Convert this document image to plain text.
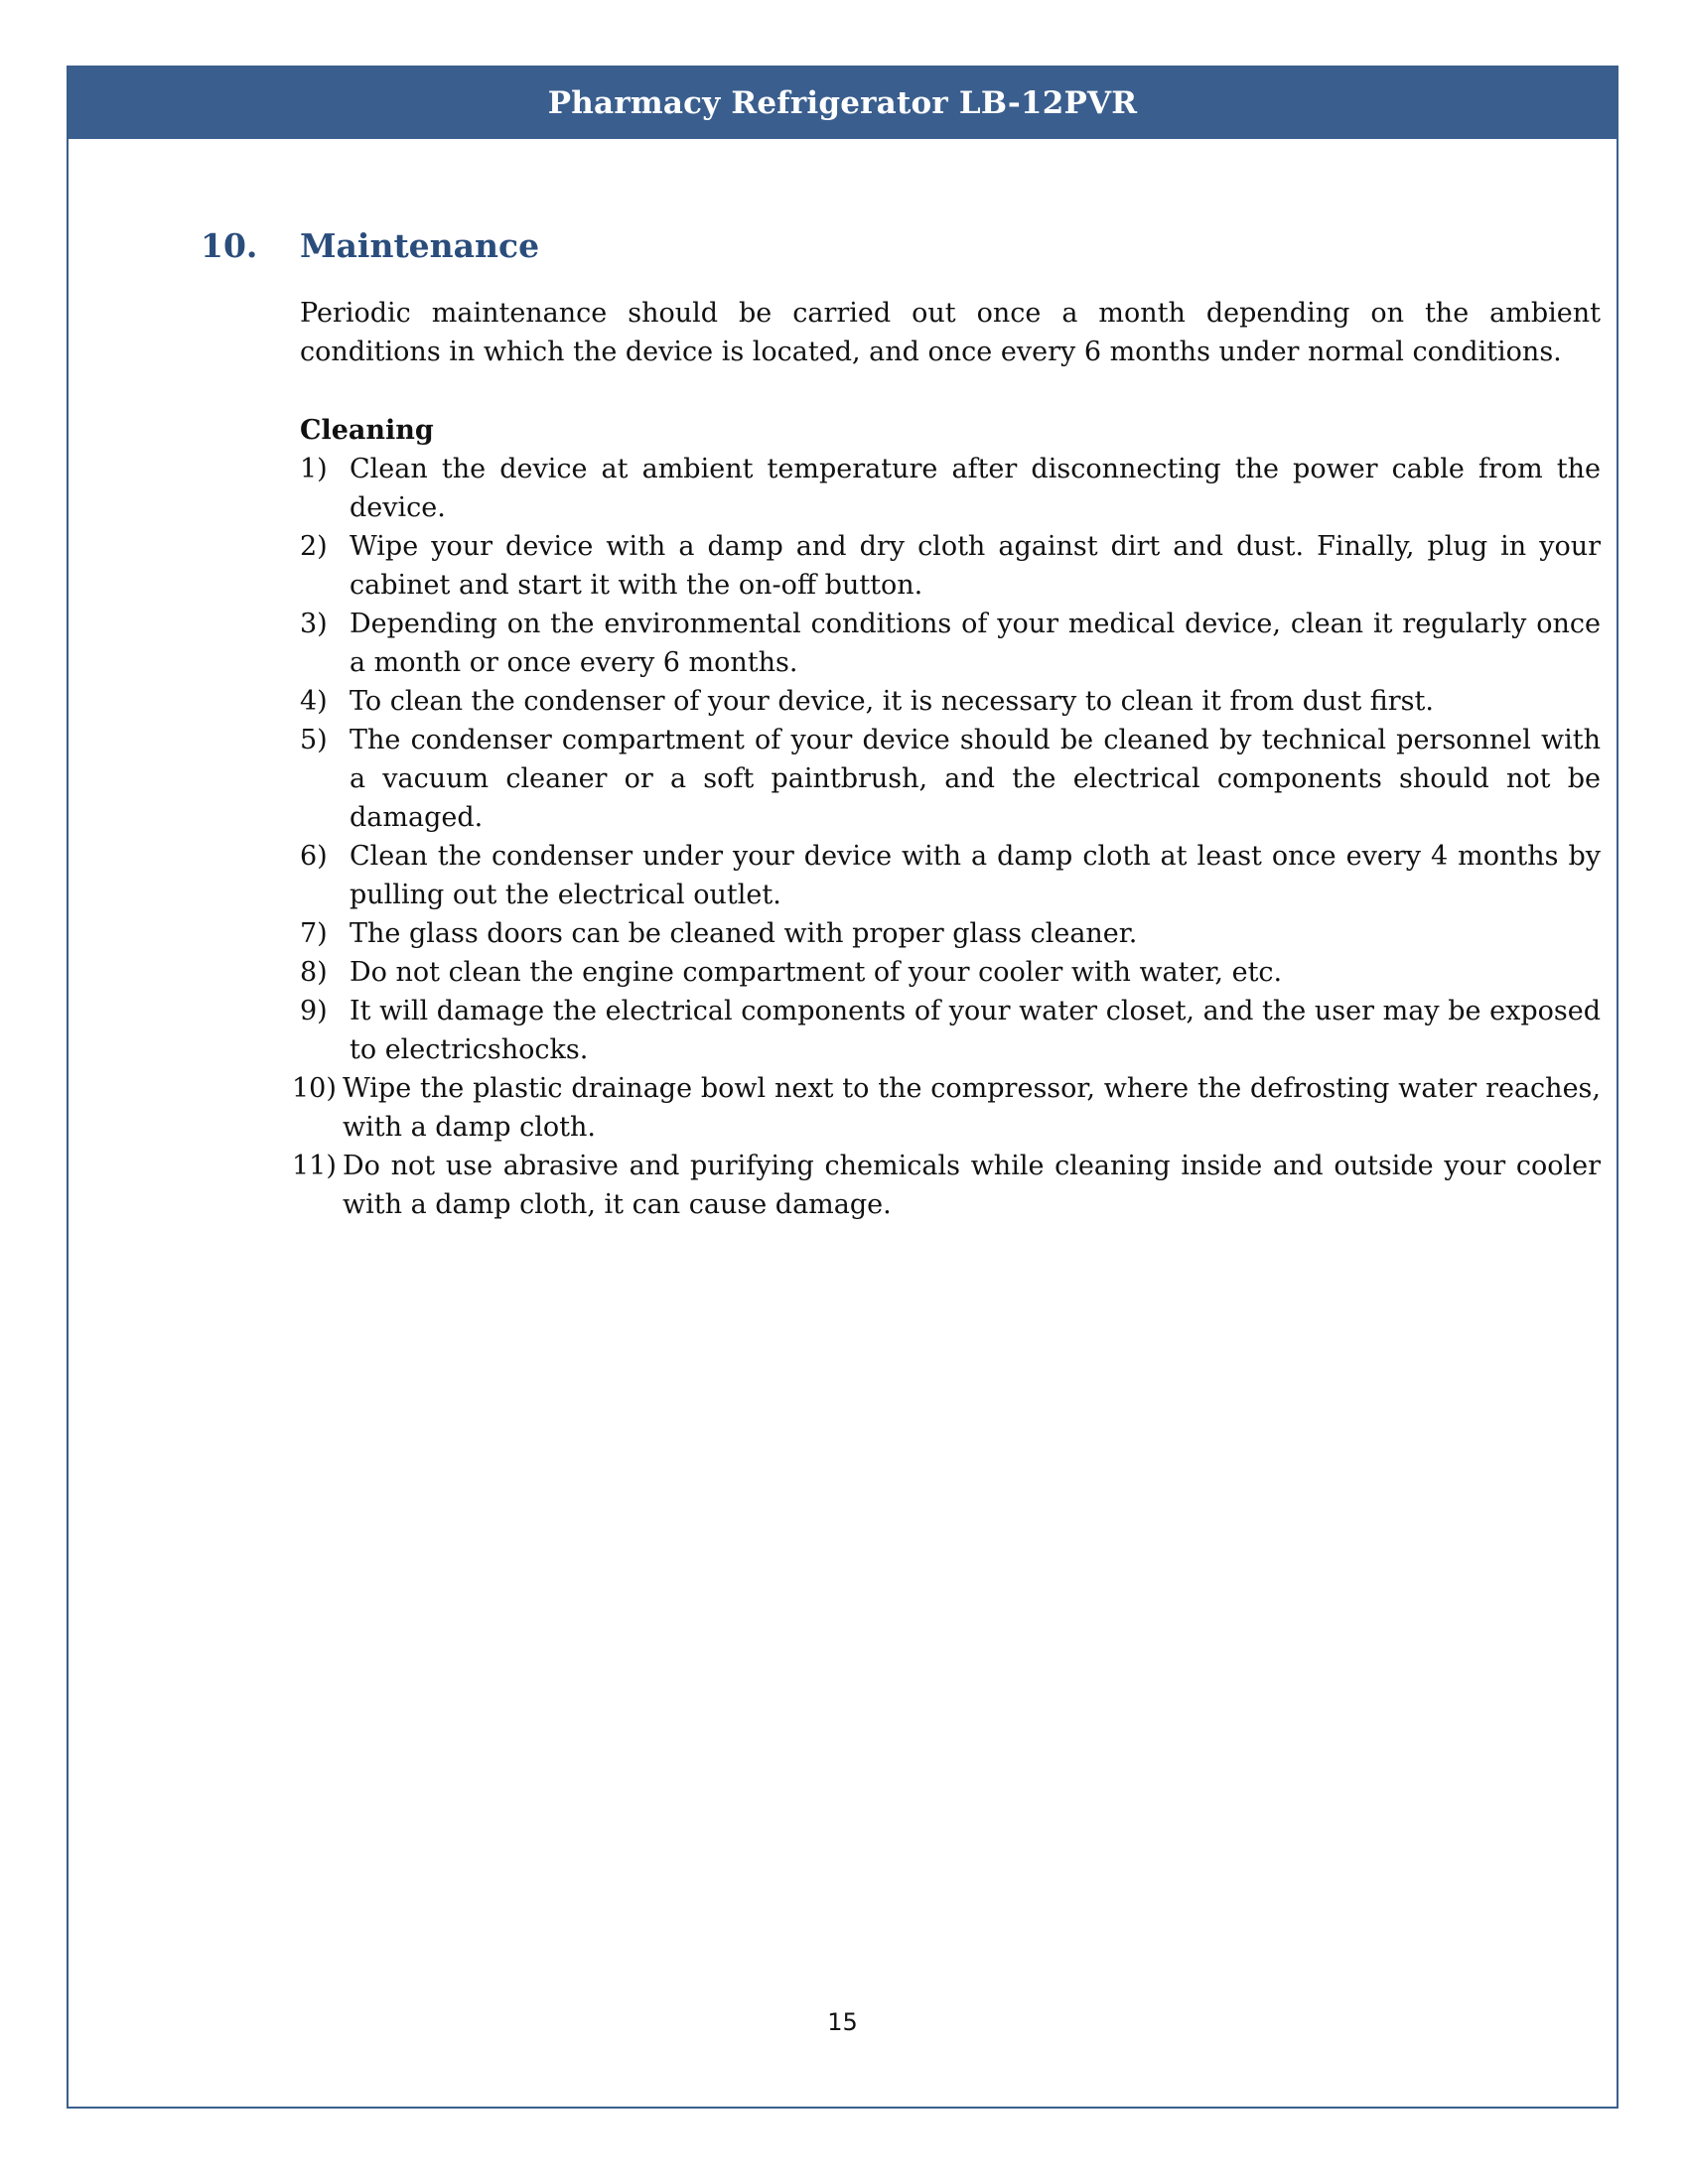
Pharmacy Refrigerator LB-12PVR
10.	Maintenance

Periodic maintenance should be carried out once a month depending on the ambient conditions in which the device is located, and once every 6 months under normal conditions.

Cleaning
1) Clean the device at ambient temperature after disconnecting the power cable from the device.
2) Wipe your device with a damp and dry cloth against dirt and dust. Finally, plug in your cabinet and start it with the on-off button.
3) Depending on the environmental conditions of your medical device, clean it regularly once a month or once every 6 months.
4) To clean the condenser of your device, it is necessary to clean it from dust first.
5) The condenser compartment of your device should be cleaned by technical personnel with a vacuum cleaner or a soft paintbrush, and the electrical components should not be damaged.
6) Clean the condenser under your device with a damp cloth at least once every 4 months by pulling out the electrical outlet.
7) The glass doors can be cleaned with proper glass cleaner.
8) Do not clean the engine compartment of your cooler with water, etc.
9) It will damage the electrical components of your water closet, and the user may be exposed to electricshocks.
10) Wipe the plastic drainage bowl next to the compressor, where the defrosting water reaches, with a damp cloth.
11) Do not use abrasive and purifying chemicals while cleaning inside and outside your cooler with a damp cloth, it can cause damage.
15
